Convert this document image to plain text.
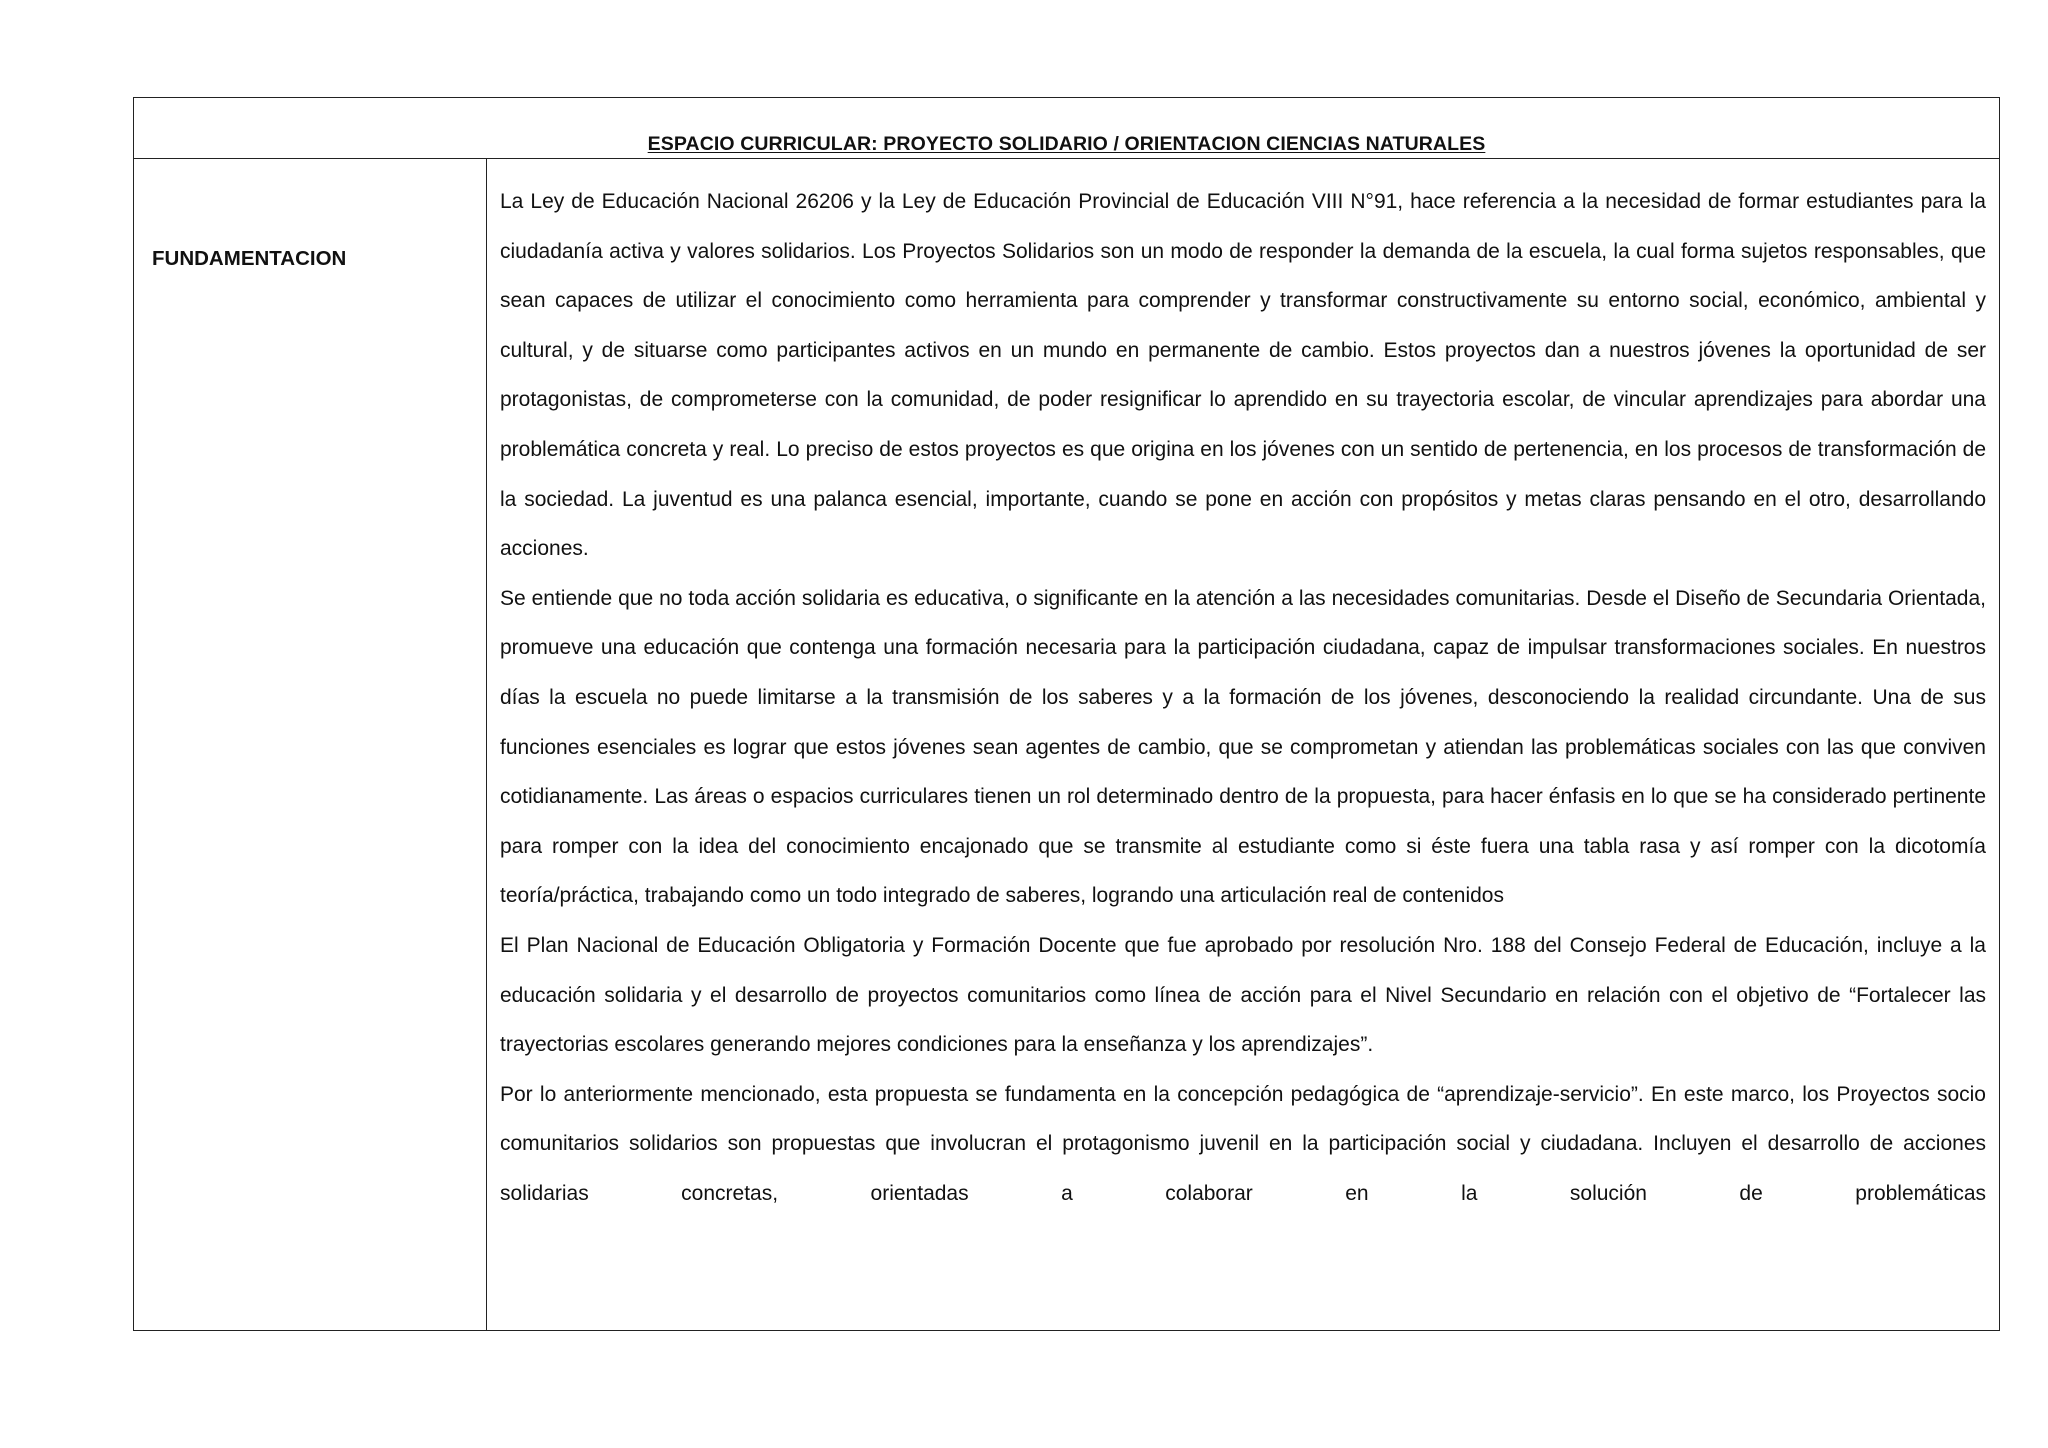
ESPACIO CURRICULAR: PROYECTO SOLIDARIO / ORIENTACION CIENCIAS NATURALES
FUNDAMENTACION

La Ley de Educación Nacional 26206 y la Ley de Educación Provincial de Educación VIII N°91, hace referencia a la necesidad de formar estudiantes para la ciudadanía activa y valores solidarios. Los Proyectos Solidarios son un modo de responder la demanda de la escuela, la cual forma sujetos responsables, que sean capaces de utilizar el conocimiento como herramienta para comprender y transformar constructivamente su entorno social, económico, ambiental y cultural, y de situarse como participantes activos en un mundo en permanente de cambio. Estos proyectos dan a nuestros jóvenes la oportunidad de ser protagonistas, de comprometerse con la comunidad, de poder resignificar lo aprendido en su trayectoria escolar, de vincular aprendizajes para abordar una problemática concreta y real. Lo preciso de estos proyectos es que origina en los jóvenes con un sentido de pertenencia, en los procesos de transformación de la sociedad. La juventud es una palanca esencial, importante, cuando se pone en acción con propósitos y metas claras pensando en el otro, desarrollando acciones.

Se entiende que no toda acción solidaria es educativa, o significante en la atención a las necesidades comunitarias. Desde el Diseño de Secundaria Orientada, promueve una educación que contenga una formación necesaria para la participación ciudadana, capaz de impulsar transformaciones sociales. En nuestros días la escuela no puede limitarse a la transmisión de los saberes y a la formación de los jóvenes, desconociendo la realidad circundante. Una de sus funciones esenciales es lograr que estos jóvenes sean agentes de cambio, que se comprometan y atiendan las problemáticas sociales con las que conviven cotidianamente. Las áreas o espacios curriculares tienen un rol determinado dentro de la propuesta, para hacer énfasis en lo que se ha considerado pertinente para romper con la idea del conocimiento encajonado que se transmite al estudiante como si éste fuera una tabla rasa y así romper con la dicotomía teoría/práctica, trabajando como un todo integrado de saberes, logrando una articulación real de contenidos

El Plan Nacional de Educación Obligatoria y Formación Docente que fue aprobado por resolución Nro. 188 del Consejo Federal de Educación, incluye a la educación solidaria y el desarrollo de proyectos comunitarios como línea de acción para el Nivel Secundario en relación con el objetivo de “Fortalecer las trayectorias escolares generando mejores condiciones para la enseñanza y los aprendizajes”.

Por lo anteriormente mencionado, esta propuesta se fundamenta en la concepción pedagógica de “aprendizaje-servicio”. En este marco, los Proyectos socio comunitarios solidarios son propuestas que involucran el protagonismo juvenil en la participación social y ciudadana. Incluyen el desarrollo de acciones solidarias concretas, orientadas a colaborar en la solución de problemáticas
